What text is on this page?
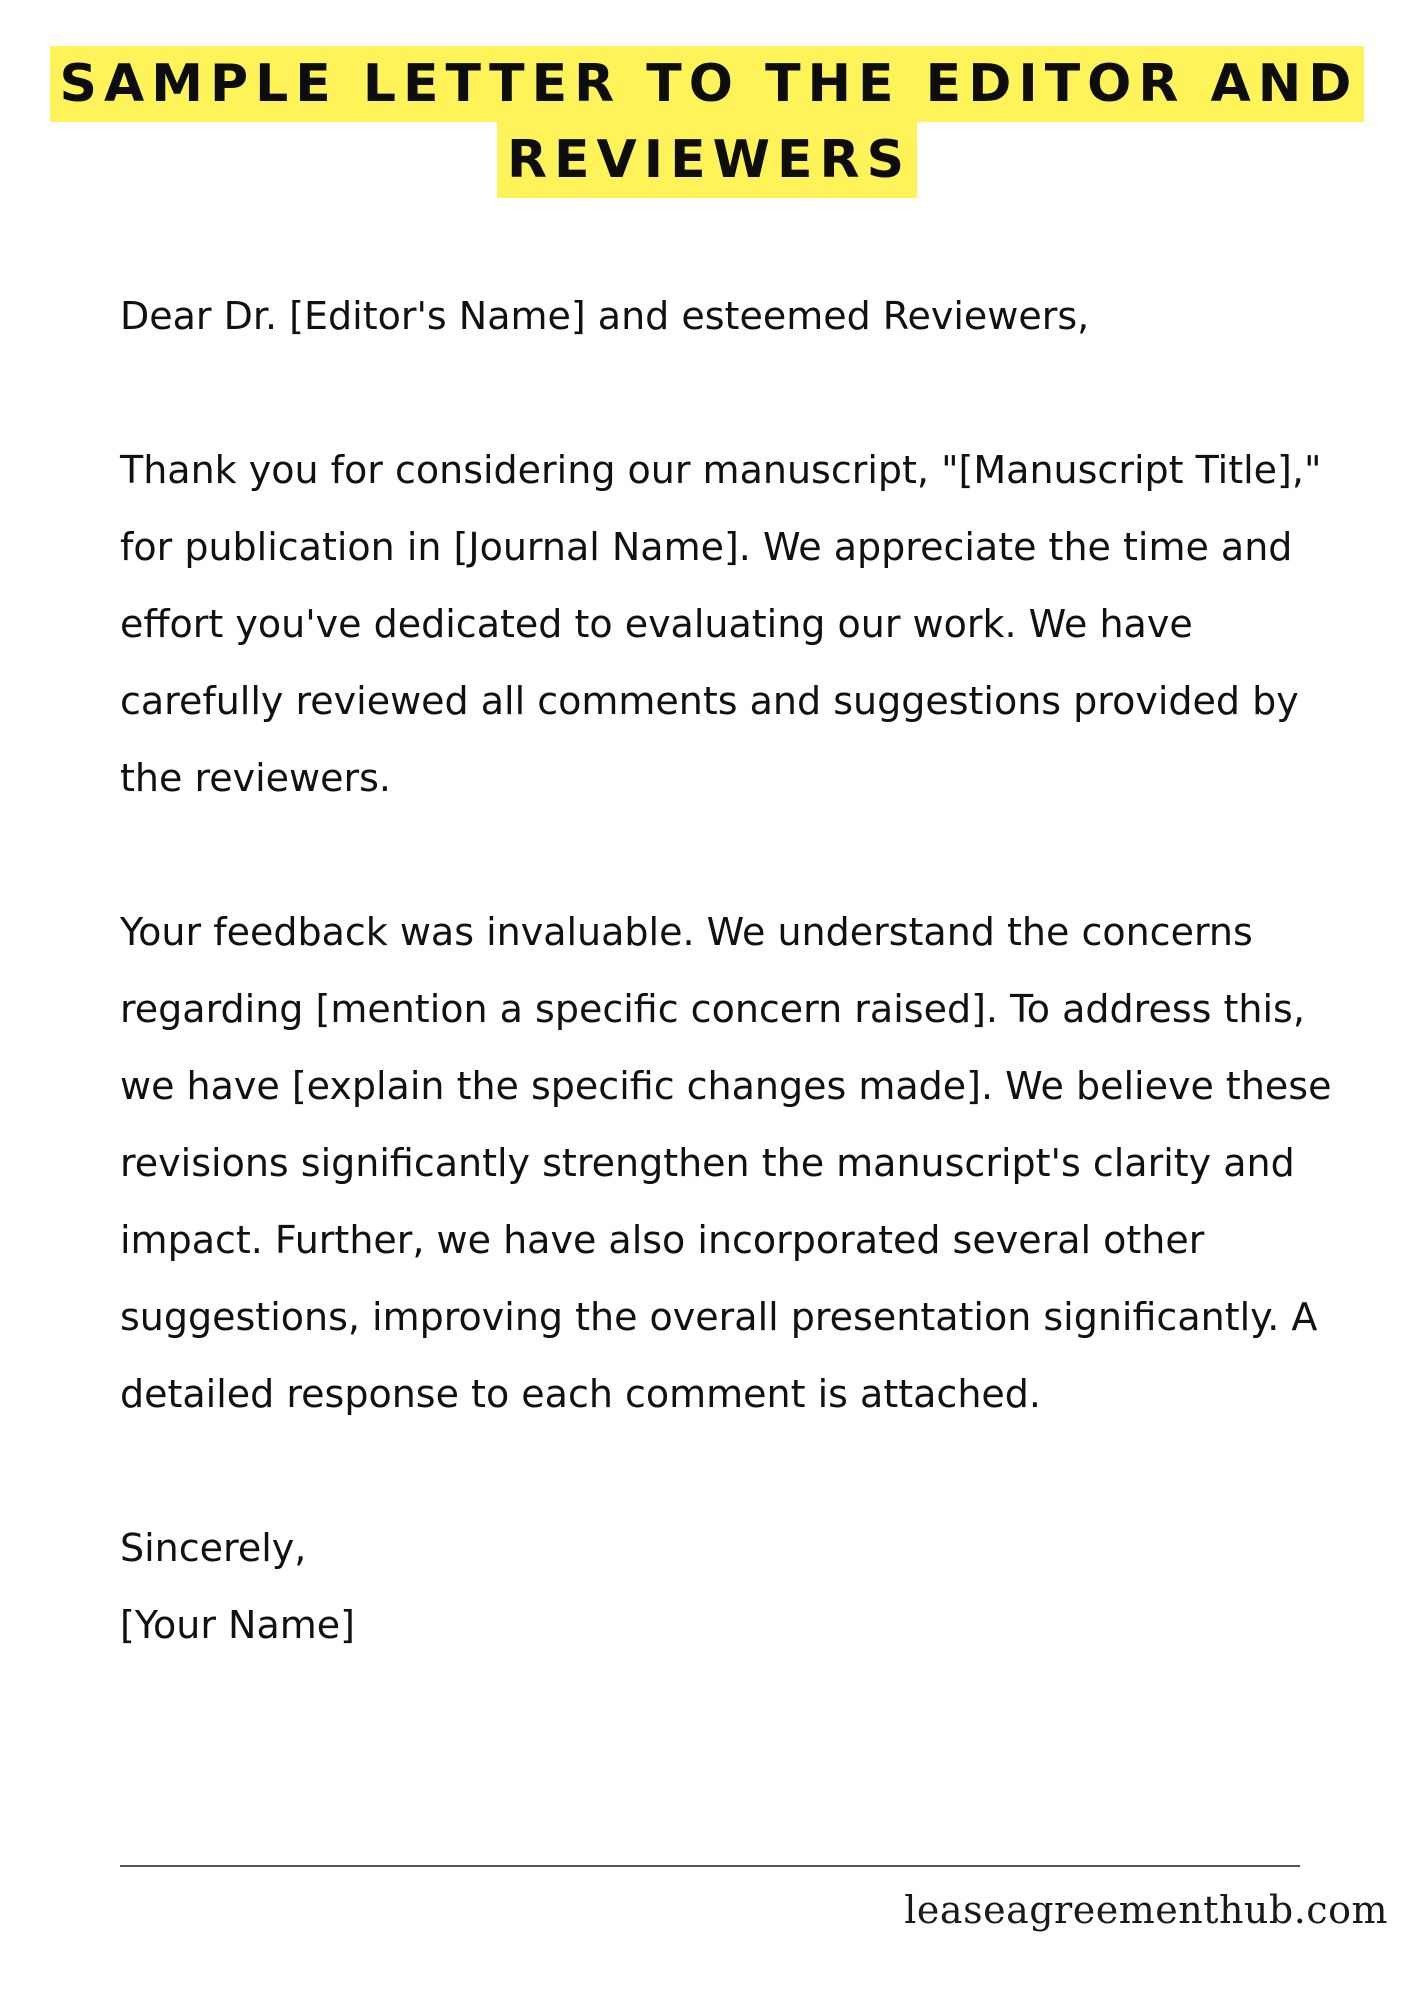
SAMPLE LETTER TO THE EDITOR AND
REVIEWERS

Dear Dr. [Editor's Name] and esteemed Reviewers,

Thank you for considering our manuscript, "[Manuscript Title]," for publication in [Journal Name]. We appreciate the time and effort you've dedicated to evaluating our work. We have carefully reviewed all comments and suggestions provided by the reviewers.

Your feedback was invaluable. We understand the concerns regarding [mention a specific concern raised]. To address this, we have [explain the specific changes made]. We believe these revisions significantly strengthen the manuscript's clarity and impact. Further, we have also incorporated several other suggestions, improving the overall presentation significantly. A detailed response to each comment is attached.

Sincerely,
[Your Name]
leaseagreementhub.com
